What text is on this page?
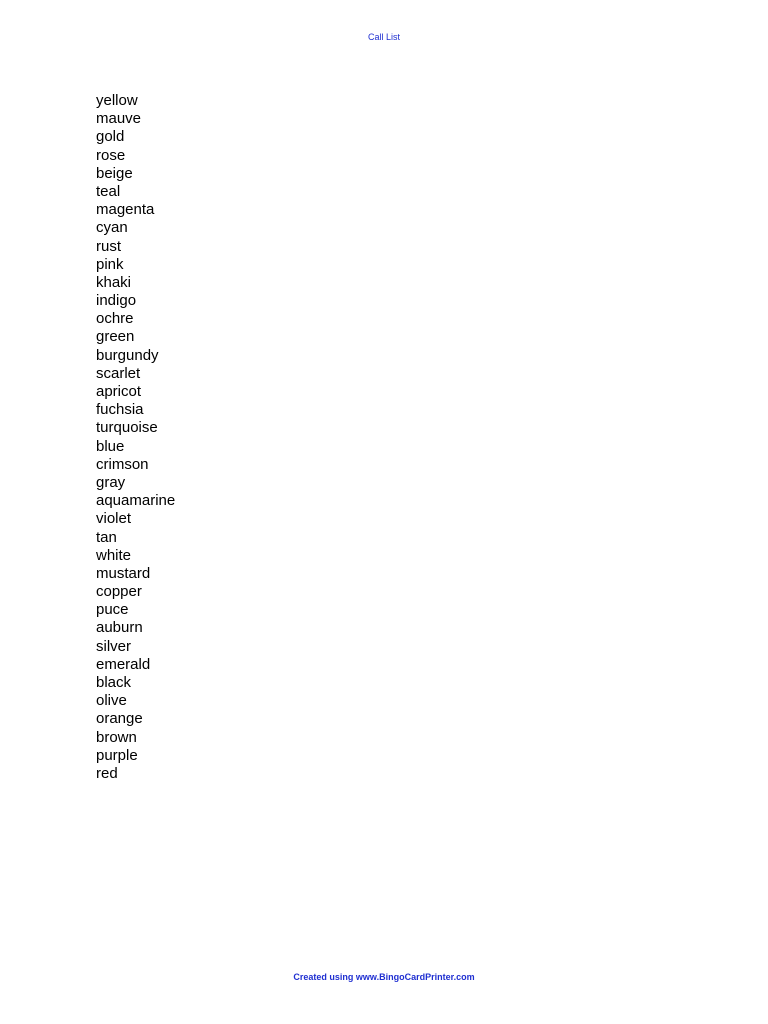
Call List
yellow
mauve
gold
rose
beige
teal
magenta
cyan
rust
pink
khaki
indigo
ochre
green
burgundy
scarlet
apricot
fuchsia
turquoise
blue
crimson
gray
aquamarine
violet
tan
white
mustard
copper
puce
auburn
silver
emerald
black
olive
orange
brown
purple
red
Created using www.BingoCardPrinter.com
